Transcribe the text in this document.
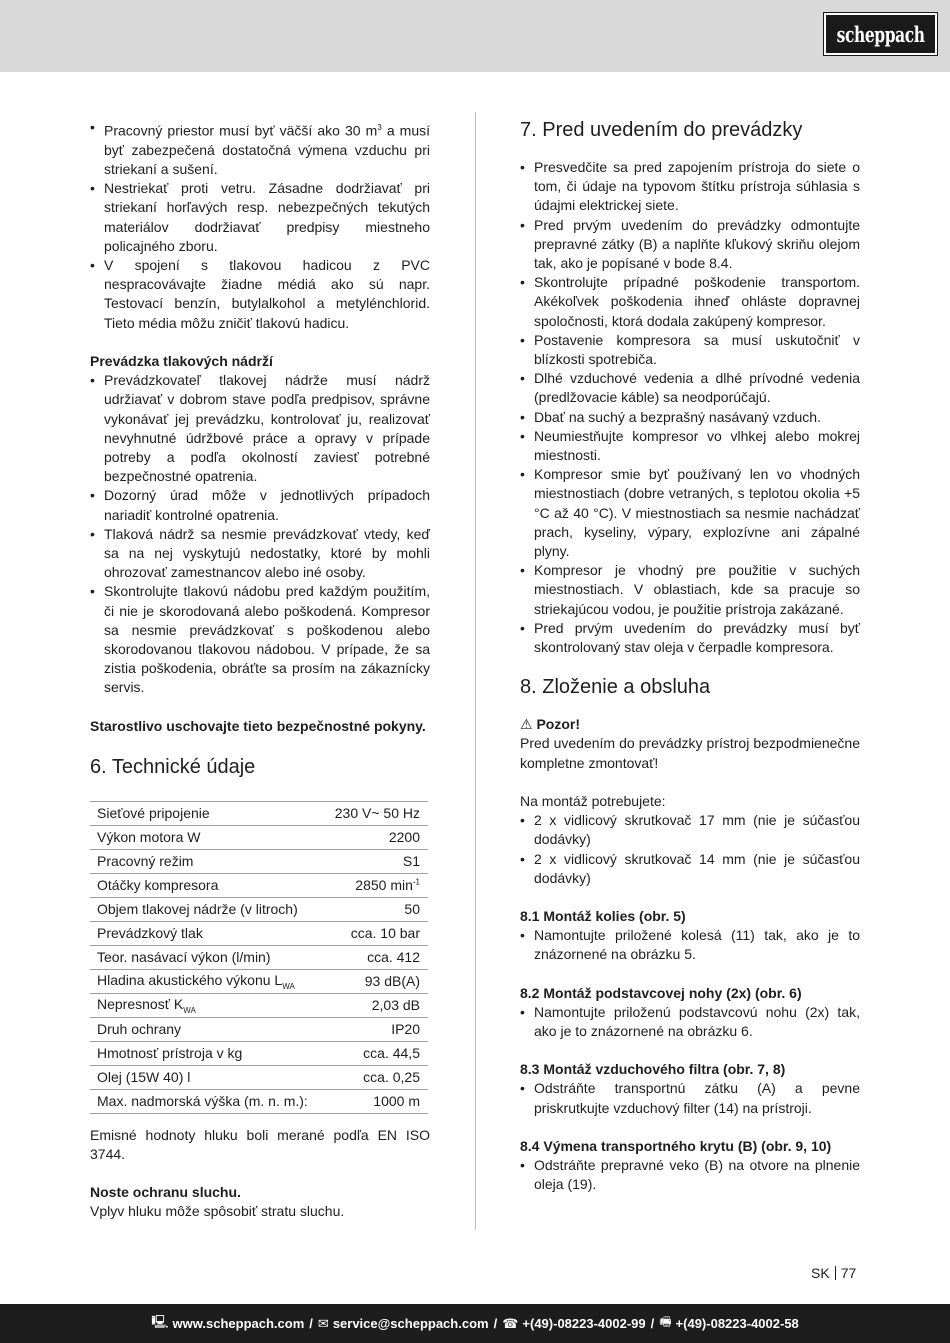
scheppach
• Pracovný priestor musí byť väčší ako 30 $m^3$ a musí byť zabezpečená dostatočná výmena vzduchu pri striekaní a sušení.
• Nestriekať proti vetru. Zásadne dodržiavať pri striekaní horľavých resp. nebezpečných tekutých materiálov dodržiavať predpisy miestneho policajného zboru.
• V spojení s tlakovou hadicou z PVC nespracovávajte žiadne médiá ako sú napr. Testovací benzín, butylalkohol a metylénchlorid. Tieto média môžu zničiť tlakovú hadicu.
Prevádzka tlakových nádrží
• Prevádzkovateľ tlakovej nádrže musí nádrž udržiavať v dobrom stave podľa predpisov, správne vykonávať jej prevádzku, kontrolovať ju, realizovať nevyhnutné údržbové práce a opravy v prípade potreby a podľa okolností zaviesť potrebné bezpečnostné opatrenia.
• Dozorný úrad môže v jednotlivých prípadoch nariadiť kontrolné opatrenia.
• Tlaková nádrž sa nesmie prevádzkovať vtedy, keď sa na nej vyskytujú nedostatky, ktoré by mohli ohrozovať zamestnancov alebo iné osoby.
• Skontrolujte tlakovú nádobu pred každým použitím, či nie je skorodovaná alebo poškodená. Kompresor sa nesmie prevádzkovať s poškodenou alebo skorodovanou tlakovou nádobou. V prípade, že sa zistia poškodenia, obráťte sa prosím na zákaznícky servis.
Starostlivo uschovajte tieto bezpečnostné pokyny.
6. Technické údaje
Sieťové pripojenie	230 V~ 50 Hz
Výkon motora W	2200
Pracovný režim	S1
Otáčky kompresora	2850 $\min^{-1}$
Objem tlakovej nádrže (v litroch)	50
Prevádzkový tlak	cca. 10 bar
Teor. nasávací výkon (l/min)	cca. 412
Hladina akustického výkonu $L_{WA}$	93 dB(A)
Nepresnosť $K_{WA}$	2,03 dB
Druh ochrany	IP20
Hmotnosť prístroja v kg	cca. 44,5
Olej (15W 40) l	cca. 0,25
Max. nadmorská výška (m. n. m.):	1000 m
Emisné hodnoty hluku boli merané podľa EN ISO 3744.
Noste ochranu sluchu.
Vplyv hluku môže spôsobiť stratu sluchu.
7. Pred uvedením do prevádzky
• Presvedčite sa pred zapojením prístroja do siete o tom, či údaje na typovom štítku prístroja súhlasia s údajmi elektrickej siete.
• Pred prvým uvedením do prevádzky odmontujte prepravné zátky (B) a naplňte kľukový skriňu olejom tak, ako je popísané v bode 8.4.
• Skontrolujte prípadné poškodenie transportom. Akékoľvek poškodenia ihneď ohláste dopravnej spoločnosti, ktorá dodala zakúpený kompresor.
• Postavenie kompresora sa musí uskutočniť v blízkosti spotrebiča.
• Dlhé vzduchové vedenia a dlhé prívodné vedenia (predlžovacie káble) sa neodporúčajú.
• Dbať na suchý a bezprašný nasávaný vzduch.
• Neumiestňujte kompresor vo vlhkej alebo mokrej miestnosti.
• Kompresor smie byť používaný len vo vhodných miestnostiach (dobre vetraných, s teplotou okolia +5 °C až 40 °C). V miestnostiach sa nesmie nachádzať prach, kyseliny, výpary, explozívne ani zápalné plyny.
• Kompresor je vhodný pre použitie v suchých miestnostiach. V oblastiach, kde sa pracuje so striekajúcou vodou, je použitie prístroja zakázané.
• Pred prvým uvedením do prevádzky musí byť skontrolovaný stav oleja v čerpadle kompresora.
8. Zloženie a obsluha
⚠ Pozor!
Pred uvedením do prevádzky prístroj bezpodmienečne kompletne zmontovať!
Na montáž potrebujete:
• 2 x vidlicový skrutkovač 17 mm (nie je súčasťou dodávky)
• 2 x vidlicový skrutkovač 14 mm (nie je súčasťou dodávky)
8.1 Montáž kolies (obr. 5)
• Namontujte priložené kolesá (11) tak, ako je to znázornené na obrázku 5.
8.2 Montáž podstavcovej nohy (2x) (obr. 6)
• Namontujte priloženú podstavcovú nohu (2x) tak, ako je to znázornené na obrázku 6.
8.3 Montáž vzduchového filtra (obr. 7, 8)
• Odstráňte transportnú zátku (A) a pevne priskrutkujte vzduchový filter (14) na prístroji.
8.4 Výmena transportného krytu (B) (obr. 9, 10)
• Odstráňte prepravné veko (B) na otvore na plnenie oleja (19).
SK 77
🖳 www.scheppach.com / ✉ service@scheppach.com / ☎ +(49)-08223-4002-99 / 🖷 +(49)-08223-4002-58
